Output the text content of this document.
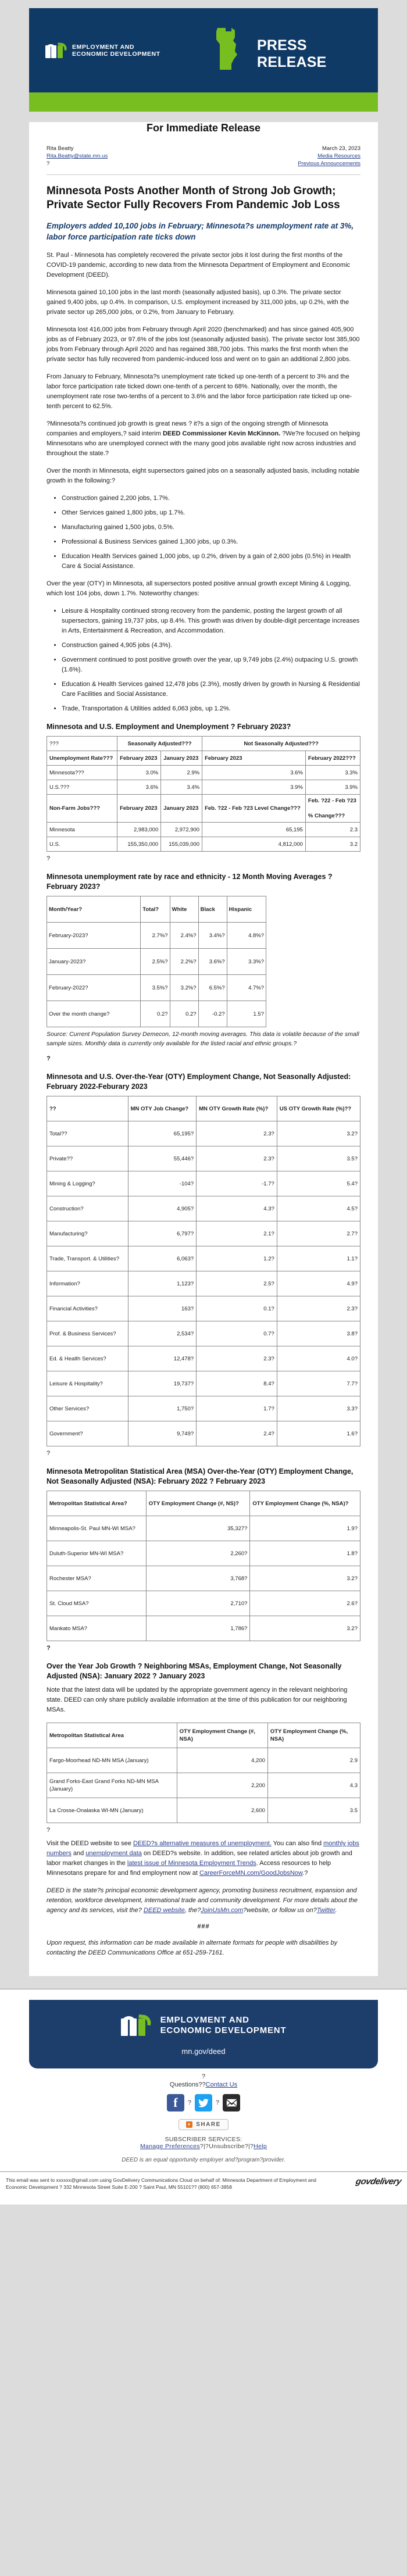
EMPLOYMENT AND
ECONOMIC DEVELOPMENT
PRESS RELEASE
For Immediate Release
Rita Beatty
Rita.Beatty@state.mn.us
?
March 23, 2023
Media Resources
Previous Announcements
Minnesota Posts Another Month of Strong Job Growth; Private Sector Fully Recovers From Pandemic Job Loss

Employers added 10,100 jobs in February; Minnesota?s unemployment rate at 3%, labor force participation rate ticks down

St. Paul - Minnesota has completely recovered the private sector jobs it lost during the first months of the COVID-19 pandemic, according to new data from the Minnesota Department of Employment and Economic Development (DEED).

Minnesota gained 10,100 jobs in the last month (seasonally adjusted basis), up 0.3%. The private sector gained 9,400 jobs, up 0.4%. In comparison, U.S. employment increased by 311,000 jobs, up 0.2%, with the private sector up 265,000 jobs, or 0.2%, from January to February.

Minnesota lost 416,000 jobs from February through April 2020 (benchmarked) and has since gained 405,900 jobs as of February 2023, or 97.6% of the jobs lost (seasonally adjusted basis). The private sector lost 385,900 jobs from February through April 2020 and has regained 388,700 jobs. This marks the first month when the private sector has fully recovered from pandemic-induced loss and went on to gain an additional 2,800 jobs.

From January to February, Minnesota?s unemployment rate ticked up one-tenth of a percent to 3% and the labor force participation rate ticked down one-tenth of a percent to 68%. Nationally, over the month, the unemployment rate rose two-tenths of a percent to 3.6% and the labor force participation rate ticked up one-tenth percent to 62.5%.

?Minnesota?s continued job growth is great news ? it?s a sign of the ongoing strength of Minnesota companies and employers,? said interim DEED Commissioner Kevin McKinnon. ?We?re focused on helping Minnesotans who are unemployed connect with the many good jobs available right now across industries and throughout the state.?

Over the month in Minnesota, eight supersectors gained jobs on a seasonally adjusted basis, including notable growth in the following:?

• Construction gained 2,200 jobs, 1.7%.
• Other Services gained 1,800 jobs, up 1.7%.
• Manufacturing gained 1,500 jobs, 0.5%.
• Professional & Business Services gained 1,300 jobs, up 0.3%.
• Education Health Services gained 1,000 jobs, up 0.2%, driven by a gain of 2,600 jobs (0.5%) in Health Care & Social Assistance.

Over the year (OTY) in Minnesota, all supersectors posted positive annual growth except Mining & Logging, which lost 104 jobs, down 1.7%. Noteworthy changes:

• Leisure & Hospitality continued strong recovery from the pandemic, posting the largest growth of all supersectors, gaining 19,737 jobs, up 8.4%. This growth was driven by double-digit percentage increases in Arts, Entertainment & Recreation, and Accommodation.
• Construction gained 4,905 jobs (4.3%).
• Government continued to post positive growth over the year, up 9,749 jobs (2.4%) outpacing U.S. growth (1.6%).
• Education & Health Services gained 12,478 jobs (2.3%), mostly driven by growth in Nursing & Residential Care Facilities and Social Assistance.
• Trade, Transportation & Utilities added 6,063 jobs, up 1.2%.
Minnesota and U.S. Employment and Unemployment ? February 2023?
???	Seasonally Adjusted???		Not Seasonally Adjusted???	
Unemployment Rate???	February 2023	January 2023	February 2023	February 2022???
Minnesota???	3.0%	2.9%	3.6%	3.3%
U.S.???	3.6%	3.4%	3.9%	3.9%
Non-Farm Jobs???	February 2023	January 2023	Feb. ?22 - Feb ?23 Level Change???	Feb. ?22 - Feb ?23

% Change???
Minnesota	2,983,000	2,972,900	65,195	2.3
U.S.	155,350,000	155,039,000	4,812,000	3.2
?
Minnesota unemployment rate by race and ethnicity - 12 Month Moving Averages ? February 2023?
Month/Year?	Total?	White	Black	Hispanic
February-2023?	2.7%?	2.4%?	3.4%?	4.8%?
January-2023?	2.5%?	2.2%?	3.6%?	3.3%?
February-2022?	3.5%?	3.2%?	6.5%?	4.7%?
Over the month change?	0.2?	0.2?	-0.2?	1.5?

Source: Current Population Survey Demecon, 12-month moving averages. This data is volatile because of the small sample sizes. Monthly data is currently only available for the listed racial and ethnic groups.?

?
Minnesota and U.S. Over-the-Year (OTY) Employment Change, Not Seasonally Adjusted: February 2022-Feburary 2023
??	MN OTY Job Change?	MN OTY Growth Rate (%)?	US OTY Growth Rate (%)??
Total??	65,195?	2.3?	3.2?
Private??	55,446?	2.3?	3.5?
Mining & Logging?	-104?	-1.7?	5.4?
Construction?	4,905?	4.3?	4.5?
Manufacturing?	6,797?	2.1?	2.7?
Trade, Transport. & Utilities?	6,063?	1.2?	1.1?
Information?	1,123?	2.5?	4.9?
Financial Activities?	163?	0.1?	2.3?
Prof. & Business Services?	2,534?	0.7?	3.8?
Ed. & Health Services?	12,478?	2.3?	4.0?
Leisure & Hospitality?	19,737?	8.4?	7.7?
Other Services?	1,750?	1.7?	3.3?
Government?	9,749?	2.4?	1.6?
?
Minnesota Metropolitan Statistical Area (MSA) Over-the-Year (OTY) Employment Change, Not Seasonally Adjusted (NSA): February 2022 ? February 2023
Metropolitan Statistical Area?	OTY Employment Change (#, NS)?	OTY Employment Change (%, NSA)?
Minneapolis-St. Paul MN-WI MSA?	35,327?	1.9?
Duluth-Superior MN-WI MSA?	2,260?	1.8?
Rochester MSA?	3,768?	3.2?
St. Cloud MSA?	2,710?	2.6?
Mankato MSA?	1,786?	3.2?
?
Over the Year Job Growth ? Neighboring MSAs, Employment Change, Not Seasonally Adjusted (NSA): January 2022 ? January 2023

Note that the latest data will be updated by the appropriate government agency in the relevant neighboring state. DEED can only share publicly available information at the time of this publication for our neighboring MSAs.

Metropolitan Statistical Area	OTY Employment Change (#, NSA)	OTY Employment Change (%, NSA)
Fargo-Moorhead ND-MN MSA (January)	4,200	2.9
Grand Forks-East Grand Forks ND-MN MSA (January)	2,200	4.3
La Crosse-Onalaska WI-MN (January)	2,600	3.5
?

Visit the DEED website to see DEED?s alternative measures of unemployment. You can also find monthly jobs numbers and unemployment data on DEED?s website. In addition, see related articles about job growth and labor market changes in the latest issue of Minnesota Employment Trends. Access resources to help Minnesotans prepare for and find employment now at CareerForceMN.com/GoodJobsNow.?

DEED is the state?s principal economic development agency, promoting business recruitment, expansion and retention, workforce development, international trade and community development. For more details about the agency and its services, visit the? DEED website, the?JoinUsMn.com?website, or follow us on?Twitter.

###

Upon request, this information can be made available in alternate formats for people with disabilities by contacting the DEED Communications Office at 651-259-7161.

EMPLOYMENT AND
ECONOMIC DEVELOPMENT
mn.gov/deed
?
Questions??Contact Us
f	?	?
+ SHARE
SUBSCRIBER SERVICES:
Manage Preferences?|?Unsubscribe?|?Help
DEED is an equal opportunity employer and?program?provider.
This email was sent to xxxxxx@gmail.com using GovDelivery Communications Cloud on behalf of: Minnesota Department of Employment and Economic Development ? 332 Minnesota Street Suite E-200 ? Saint Paul, MN 55101?? (800) 657-3858
govdelivery
